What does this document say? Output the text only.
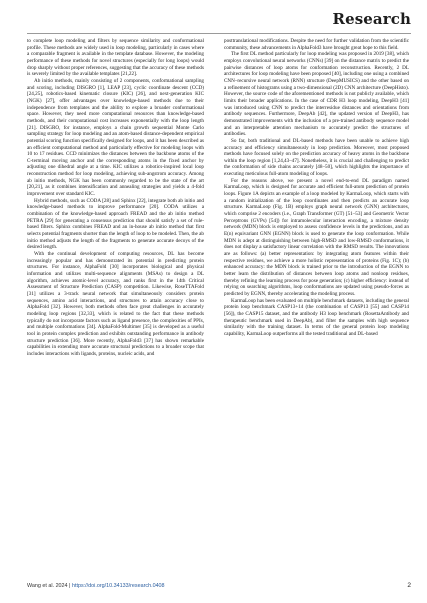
Research

to complete loop modeling and filters by sequence similarity and conformational profile. These methods are widely used in loop modeling, particularly in cases where a comparable fragment is available in the template database. However, the modeling performance of these methods for novel structures (especially for long loops) would drop sharply without proper references, suggesting that the accuracy of these methods is severely limited by the available templates [21,22].

Ab initio methods, mainly consisting of 2 components, conformational sampling and scoring, including DISGRO [1], LEAP [23], cyclic coordinate descent (CCD) [24,25], robotics-based kinematic closure (KIC) [26], and next-generation KIC (NGK) [27], offer advantages over knowledge-based methods due to their independence from templates and the ability to explore a broader conformational space. However, they need more computational resources than knowledge-based methods, and their computational cost increases exponentially with the loop length [21]. DISGRO, for instance, employs a chain growth sequential Monte Carlo sampling strategy for loop modeling and an atom-based distance-dependent empirical potential scoring function specifically designed for loops, and it has been described as an efficient computational method and particularly effective for modeling loops with 10 to 17 residues. CCD minimizes the distances between the backbone atoms of the C-terminal moving anchor and the corresponding atoms in the fixed anchor by adjusting one dihedral angle at a time. KIC utilizes a robotics-inspired local loop reconstruction method for loop modeling, achieving sub-angstrom accuracy. Among ab initio methods, NGK has been commonly regarded to be the state of the art [20,21], as it combines intensification and annealing strategies and yields a 4-fold improvement over standard KIC.

Hybrid methods, such as CODA [28] and Sphinx [22], integrate both ab initio and knowledge-based methods to improve performance [20]. CODA utilizes a combination of the knowledge-based approach FREAD and the ab initio method PETRA [29] for generating a consensus prediction that should satisfy a set of rule-based filters. Sphinx combines FREAD and an in-house ab initio method that first selects potential fragments shorter than the length of loop to be modeled. Then, the ab initio method adjusts the length of the fragments to generate accurate decoys of the desired length.

With the continual development of computing resources, DL has become increasingly popular and has demonstrated its potential in predicting protein structures. For instance, AlphaFold [30] incorporates biological and physical information and utilizes multi-sequence alignments (MSAs) to design a DL algorithm, achieves atomic-level accuracy, and ranks first in the 14th Critical Assessment of Structure Prediction (CASP) competition. Likewise, RoseTTAFold [31] utilizes a 3-track neural network that simultaneously considers protein sequences, amino acid interactions, and structures to attain accuracy close to AlphaFold [32]. However, both methods often face great challenges in accurately modeling loop regions [32,33], which is related to the fact that these methods typically do not incorporate factors such as ligand presence, the complexities of PPIs, and multiple conformations [34]. AlphaFold-Multimer [35] is developed as a useful tool in protein complex prediction and exhibits outstanding performance in antibody structure prediction [36]. More recently, AlphaFold3 [37] has shown remarkable capabilities in extending more accurate structural predictions to a broader scope that includes interactions with ligands, proteins, nucleic acids, and

posttranslational modifications. Despite the need for further validation from the scientific community, these advancements in AlphaFold3 have brought great hope to this field.

The first DL method particularly for loop modeling was proposed in 2019 [38], which employs convolutional neural networks (CNNs) [39] on the distance matrix to predict the pairwise distances of loop atoms for conformation reconstruction. Recently, 2 DL architectures for loop modeling have been proposed [40], including one using a combined CNN–recursive neural network (RNN) structure (DeepMUSICS) and the other based on a refinement of histograms using a two-dimensional (2D) CNN architecture (DeepHisto). However, the source code of the aforementioned methods is not publicly available, which limits their broader applications. In the case of CDR H3 loop modeling, DeepH3 [41] was introduced using CNN to predict the interresidue distances and orientations from antibody sequences. Furthermore, DeepAb [42], the updated version of DeepH3, has demonstrated improvements with the inclusion of a pre-trained antibody sequence model and an interpretable attention mechanism to accurately predict the structures of antibodies.

So far, both traditional and DL-based methods have been unable to achieve high accuracy and efficiency simultaneously in loop prediction. Moreover, most proposed methods have focused solely on the prediction accuracy of heavy atoms in the backbone within the loop region [1,24,43–47]. Nonetheless, it is crucial and challenging to predict the conformation of side chains accurately [48–50], which highlights the importance of executing meticulous full-atom modeling of loops.

For the reasons above, we present a novel end-to-end DL paradigm named KarmaLoop, which is designed for accurate and efficient full-atom prediction of protein loops. Figure 1A depicts an example of a loop modeled by KarmaLoop, which starts with a random initialization of the loop coordinates and then predicts an accurate loop structure. KarmaLoop (Fig. 1B) employs graph neural network (GNN) architectures, which comprise 2 encoders (i.e., Graph Transformer (GT) [51–53] and Geometric Vector Perceptrons (GVPs) [54]) for intramolecular interaction encoding, a mixture density network (MDN) block is employed to assess confidence levels in the predictions, and an E(n) equivariant GNN (EGNN) block is used to generate the loop conformation. While MDN is adept at distinguishing between high-RMSD and low-RMSD conformations, it does not display a satisfactory linear correlation with the RMSD results. The innovations are as follows: (a) better representation: by integrating atom features within their respective residues, we achieve a more holistic representation of proteins (Fig. 1C); (b) enhanced accuracy: the MDN block is trained prior to the introduction of the EGNN to better learn the distribution of distances between loop atoms and nonloop residues, thereby refining the learning process for pose generation; (c) higher efficiency: instead of relying on searching algorithms, loop conformations are updated using pseudo-forces as predicted by EGNN, thereby accelerating the modeling process.

KarmaLoop has been evaluated on multiple benchmark datasets, including the general protein loop benchmark CASP13+14 (the combination of CASP13 [55] and CASP14 [56]), the CASP15 dataset, and the antibody H3 loop benchmark (RosettaAntibody and therapeutic benchmark used in DeepAb), and filter the samples with high sequence similarity with the training dataset. In terms of the general protein loop modeling capability, KarmaLoop outperforms all the tested traditional and DL-based

Wang et al. 2024 | https://doi.org/10.34133/research.0408	2
